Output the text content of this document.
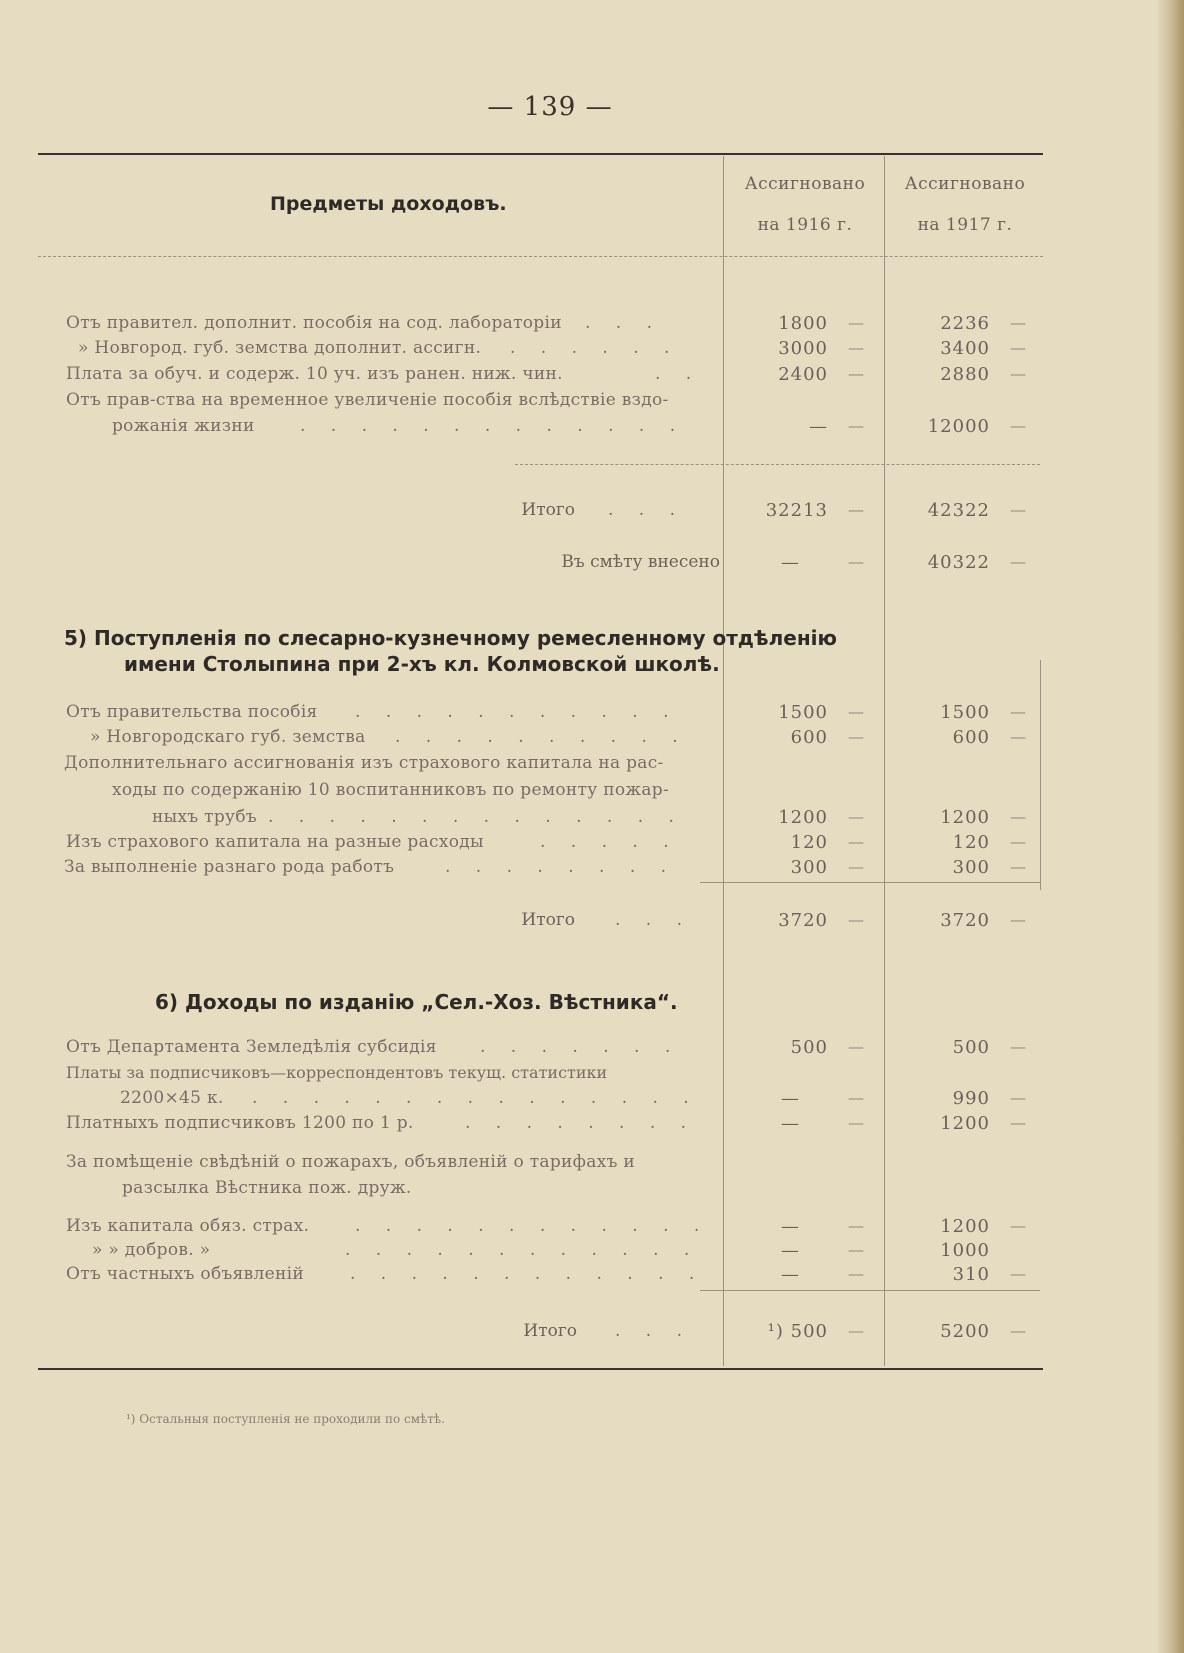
— 139 —
Предметы доходовъ.
Ассигновано
на 1916 г.
Ассигновано
на 1917 г.
Отъ правител. дополнит. пособія на сод. лабораторіи . . .	1800 —	2236 —
» Новгород. губ. земства дополнит. ассигн. . . . . . .	3000 —	3400 —
Плата за обуч. и содерж. 10 уч. изъ ранен. ниж. чин.	. .	2400 —	2880 —
Отъ прав-ства на временное увеличеніе пособія вслѣдствіе вздо-
рожанія жизни	. . . . . . . . . . . . .	— —	12000 —
Итого . . .	32213 —	42322 —
Въ смѣту внесено	—	—	40322 —
5) Поступленія по слесарно-кузнечному ремесленному отдѣленію
имени Столыпина при 2-хъ кл. Колмовской школѣ.
Отъ правительства пособія . . . . . . . . . . .	1500 —	1500 —
» Новгородскаго губ. земства . . . . . . . . . .	600 —	600 —
Дополнительнаго ассигнованія изъ страхового капитала на рас-
ходы по содержанію 10 воспитанниковъ по ремонту пожар-
ныхъ трубъ . . . . . . . . . . . . . .	1200 —	1200 —
Изъ страхового капитала на разные расходы	. . . . .	120 —	120 —
За выполненіе разнаго рода работъ	. . . . . . . .	300 —	300 —
Итого . . .	3720 —	3720 —
6) Доходы по изданію „Сел.-Хоз. Вѣстника“.
Отъ Департамента Земледѣлія субсидія	. . . . . . .	500 —	500 —
Платы за подписчиковъ—корреспондентовъ текущ. статистики
2200×45 к. . . . . . . . . . . . . . . .	—	—	990 —
Платныхъ подписчиковъ 1200 по 1 р.	. . . . . . . .	—	—	1200 —
За помѣщеніе свѣдѣній о пожарахъ, объявленій о тарифахъ и
разсылка Вѣстника пож. друж.
Изъ капитала обяз. страх.	. . . . . . . . . . . .	—	—	1200 —
» » добров. »	. . . . . . . . . . . .	—	—	1000
Отъ частныхъ объявленій	. . . . . . . . . . . .	—	—	310 —
Итого . . .	¹) 500 —	5200 —
¹) Остальныя поступленія не проходили по смѣтѣ.
